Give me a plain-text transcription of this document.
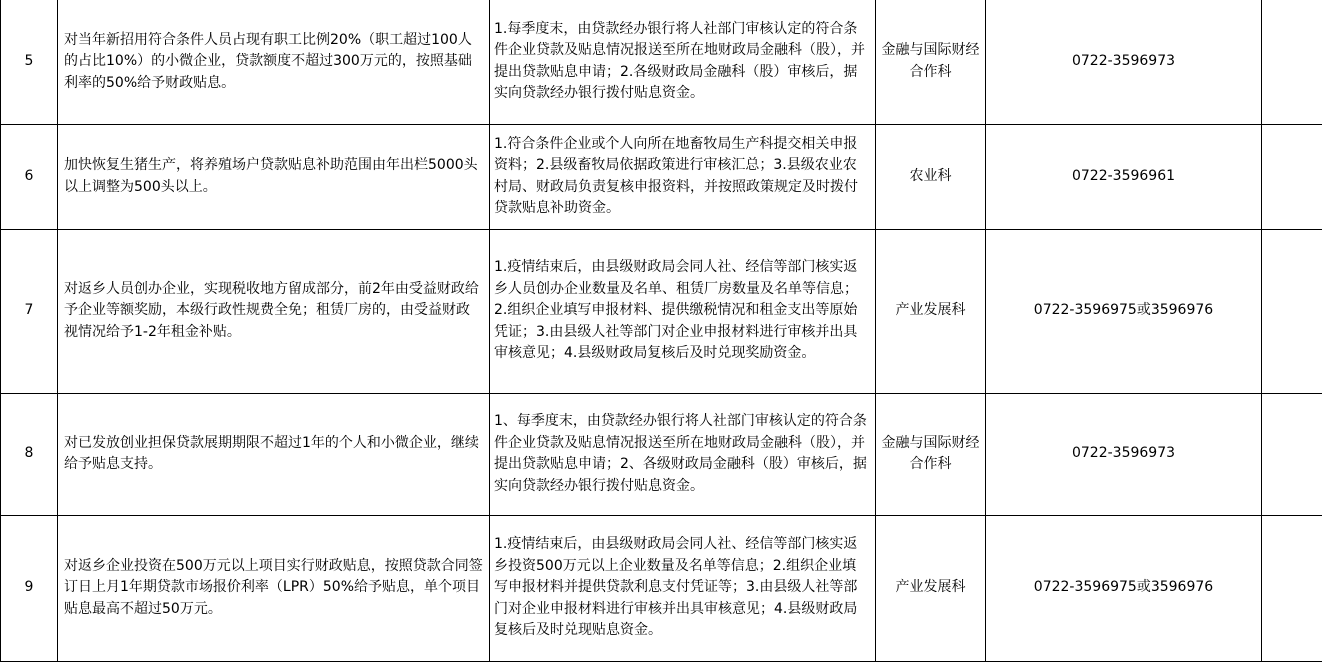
5	对当年新招用符合条件人员占现有职工比例20%（职工超过100人的占比10%）的小微企业，贷款额度不超过300万元的，按照基础利率的50%给予财政贴息。	1.每季度末，由贷款经办银行将人社部门审核认定的符合条件企业贷款及贴息情况报送至所在地财政局金融科（股），并提出贷款贴息申请；2.各级财政局金融科（股）审核后，据实向贷款经办银行拨付贴息资金。	金融与国际财经合作科	0722-3596973	
6	加快恢复生猪生产，将养殖场户贷款贴息补助范围由年出栏5000头以上调整为500头以上。	1.符合条件企业或个人向所在地畜牧局生产科提交相关申报资料；2.县级畜牧局依据政策进行审核汇总；3.县级农业农村局、财政局负责复核申报资料，并按照政策规定及时拨付贷款贴息补助资金。	农业科	0722-3596961	
7	对返乡人员创办企业，实现税收地方留成部分，前2年由受益财政给予企业等额奖励，本级行政性规费全免；租赁厂房的，由受益财政视情况给予1-2年租金补贴。	1.疫情结束后，由县级财政局会同人社、经信等部门核实返乡人员创办企业数量及名单、租赁厂房数量及名单等信息；2.组织企业填写申报材料、提供缴税情况和租金支出等原始凭证；3.由县级人社等部门对企业申报材料进行审核并出具审核意见；4.县级财政局复核后及时兑现奖励资金。	产业发展科	0722-3596975或3596976	
8	对已发放创业担保贷款展期期限不超过1年的个人和小微企业，继续给予贴息支持。	1、每季度末，由贷款经办银行将人社部门审核认定的符合条件企业贷款及贴息情况报送至所在地财政局金融科（股），并提出贷款贴息申请；2、各级财政局金融科（股）审核后，据实向贷款经办银行拨付贴息资金。	金融与国际财经合作科	0722-3596973	
9	对返乡企业投资在500万元以上项目实行财政贴息，按照贷款合同签订日上月1年期贷款市场报价利率（LPR）50%给予贴息，单个项目贴息最高不超过50万元。	1.疫情结束后，由县级财政局会同人社、经信等部门核实返乡投资500万元以上企业数量及名单等信息；2.组织企业填写申报材料并提供贷款利息支付凭证等；3.由县级人社等部门对企业申报材料进行审核并出具审核意见；4.县级财政局复核后及时兑现贴息资金。	产业发展科	0722-3596975或3596976	
